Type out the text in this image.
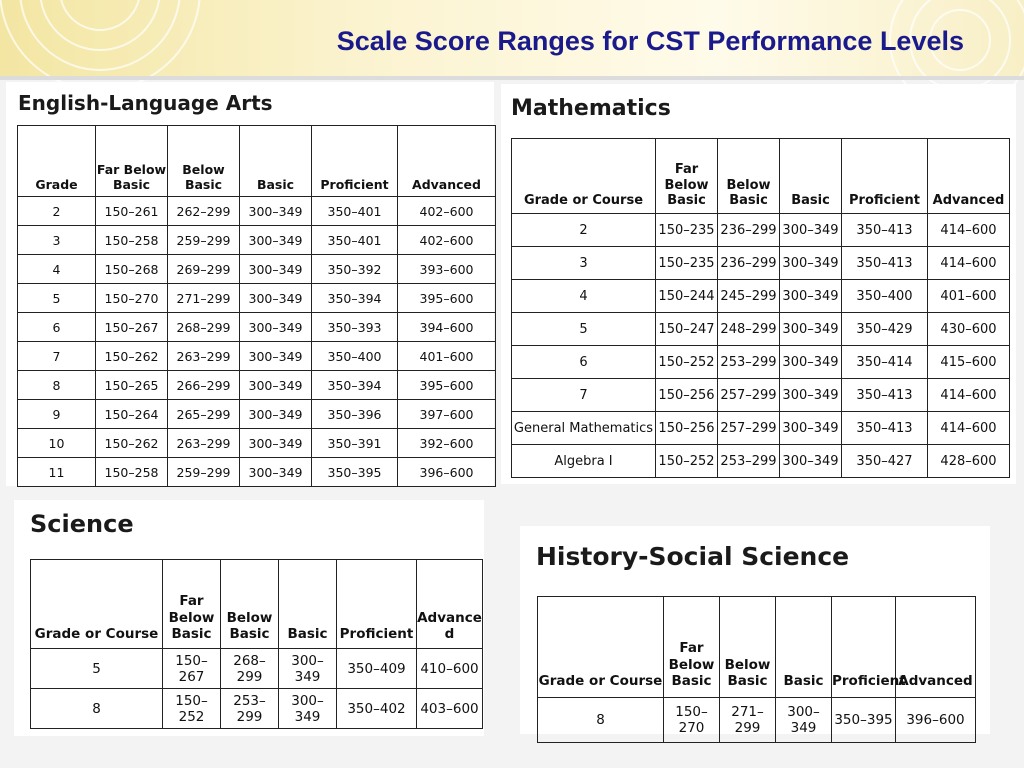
Scale Score Ranges for CST Performance Levels
English-Language Arts
Grade	Far Below Basic	Below Basic	Basic	Proficient	Advanced
2	150–261	262–299	300–349	350–401	402–600
3	150–258	259–299	300–349	350–401	402–600
4	150–268	269–299	300–349	350–392	393–600
5	150–270	271–299	300–349	350–394	395–600
6	150–267	268–299	300–349	350–393	394–600
7	150–262	263–299	300–349	350–400	401–600
8	150–265	266–299	300–349	350–394	395–600
9	150–264	265–299	300–349	350–396	397–600
10	150–262	263–299	300–349	350–391	392–600
11	150–258	259–299	300–349	350–395	396–600
Mathematics
Grade or Course	Far Below Basic	Below Basic	Basic	Proficient	Advanced
2	150–235	236–299	300–349	350–413	414–600
3	150–235	236–299	300–349	350–413	414–600
4	150–244	245–299	300–349	350–400	401–600
5	150–247	248–299	300–349	350–429	430–600
6	150–252	253–299	300–349	350–414	415–600
7	150–256	257–299	300–349	350–413	414–600
General Mathematics	150–256	257–299	300–349	350–413	414–600
Algebra I	150–252	253–299	300–349	350–427	428–600
Science
Grade or Course	Far Below Basic	Below Basic	Basic	Proficient	Advance d
5	150–267	268–299	300–349	350–409	410–600
8	150–252	253–299	300–349	350–402	403–600
History-Social Science
Grade or Course	Far Below Basic	Below Basic	Basic	Proficient	Advanced
8	150–270	271–299	300–349	350–395	396–600
